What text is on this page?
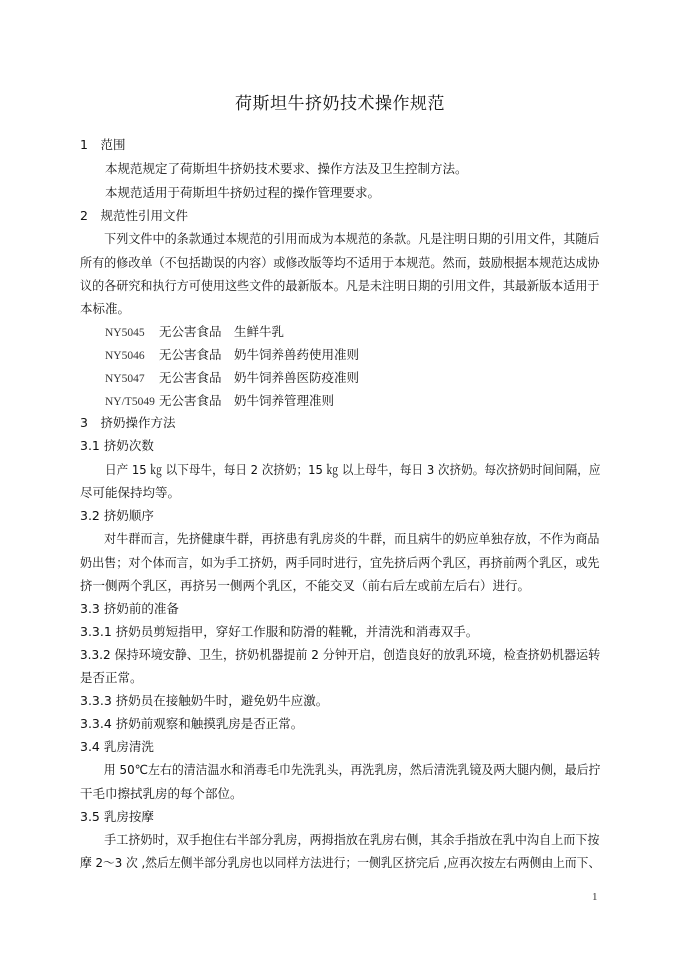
荷斯坦牛挤奶技术操作规范
1　范围
本规范规定了荷斯坦牛挤奶技术要求、操作方法及卫生控制方法。
本规范适用于荷斯坦牛挤奶过程的操作管理要求。
2　规范性引用文件
　　下列文件中的条款通过本规范的引用而成为本规范的条款。凡是注明日期的引用文件，其随后
所有的修改单（不包括勘误的内容）或修改版等均不适用于本规范。然而，鼓励根据本规范达成协
议的各研究和执行方可使用这些文件的最新版本。凡是未注明日期的引用文件，其最新版本适用于
本标准。
NY5045 无公害食品　生鲜牛乳
NY5046 无公害食品　奶牛饲养兽药使用准则
NY5047 无公害食品　奶牛饲养兽医防疫准则
NY/T5049 无公害食品　奶牛饲养管理准则
3　挤奶操作方法
3.1 挤奶次数
日产 15 ㎏ 以下母牛，每日 2 次挤奶；15 ㎏ 以上母牛，每日 3 次挤奶。每次挤奶时间间隔，应
尽可能保持均等。
3.2 挤奶顺序
　　对牛群而言，先挤健康牛群，再挤患有乳房炎的牛群，而且病牛的奶应单独存放，不作为商品
奶出售；对个体而言，如为手工挤奶，两手同时进行，宜先挤后两个乳区，再挤前两个乳区，或先
挤一侧两个乳区，再挤另一侧两个乳区，不能交叉（前右后左或前左后右）进行。
3.3 挤奶前的准备
3.3.1 挤奶员剪短指甲，穿好工作服和防滑的鞋靴，并清洗和消毒双手。
3.3.2 保持环境安静、卫生，挤奶机器提前 2 分钟开启，创造良好的放乳环境，检查挤奶机器运转
是否正常。
3.3.3 挤奶员在接触奶牛时，避免奶牛应激。
3.3.4 挤奶前观察和触摸乳房是否正常。
3.4 乳房清洗
　　用 50℃左右的清洁温水和消毒毛巾先洗乳头，再洗乳房，然后清洗乳镜及两大腿内侧，最后拧
干毛巾擦拭乳房的每个部位。
3.5 乳房按摩
　　手工挤奶时，双手抱住右半部分乳房，两拇指放在乳房右侧，其余手指放在乳中沟自上而下按
摩 2～3 次 ,然后左侧半部分乳房也以同样方法进行；一侧乳区挤完后 ,应再次按左右两侧由上而下、
1
